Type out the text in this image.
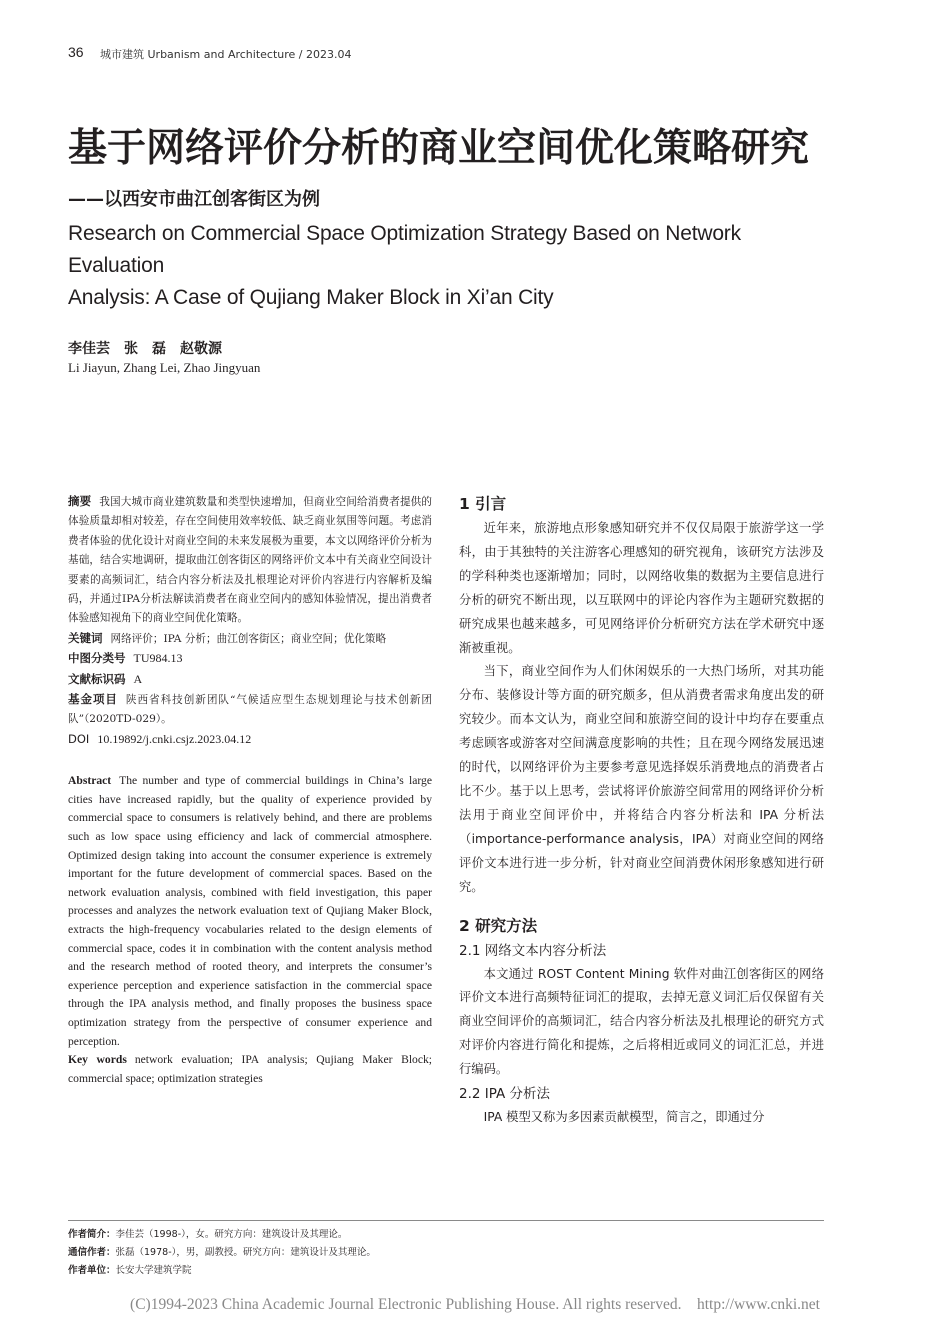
36 城市建筑 Urbanism and Architecture / 2023.04
基于网络评价分析的商业空间优化策略研究
——以西安市曲江创客街区为例
Research on Commercial Space Optimization Strategy Based on Network Evaluation
Analysis: A Case of Qujiang Maker Block in Xi’an City
李佳芸　张　磊　赵敬源
Li Jiayun, Zhang Lei, Zhao Jingyuan
摘要 我国大城市商业建筑数量和类型快速增加，但商业空间给消费者提供的体验质量却相对较差，存在空间使用效率较低、缺乏商业氛围等问题。考虑消费者体验的优化设计对商业空间的未来发展极为重要，本文以网络评价分析为基础，结合实地调研，提取曲江创客街区的网络评价文本中有关商业空间设计要素的高频词汇，结合内容分析法及扎根理论对评价内容进行内容解析及编码，并通过IPA分析法解读消费者在商业空间内的感知体验情况，提出消费者体验感知视角下的商业空间优化策略。
关键词 网络评价；IPA 分析；曲江创客街区；商业空间；优化策略
中图分类号 TU984.13
文献标识码 A
基金项目 陕西省科技创新团队“气候适应型生态规划理论与技术创新团队”（2020TD-029）。
DOI 10.19892/j.cnki.csjz.2023.04.12
Abstract The number and type of commercial buildings in China’s large cities have increased rapidly, but the quality of experience provided by commercial space to consumers is relatively behind, and there are problems such as low space using efficiency and lack of commercial atmosphere. Optimized design taking into account the consumer experience is extremely important for the future development of commercial spaces. Based on the network evaluation analysis, combined with field investigation, this paper processes and analyzes the network evaluation text of Qujiang Maker Block, extracts the high-frequency vocabularies related to the design elements of commercial space, codes it in combination with the content analysis method and the research method of rooted theory, and interprets the consumer’s experience perception and experience satisfaction in the commercial space through the IPA analysis method, and finally proposes the business space optimization strategy from the perspective of consumer experience and perception.
Key words network evaluation; IPA analysis; Qujiang Maker Block; commercial space; optimization strategies
1 引言

近年来，旅游地点形象感知研究并不仅仅局限于旅游学这一学科，由于其独特的关注游客心理感知的研究视角，该研究方法涉及的学科种类也逐渐增加；同时，以网络收集的数据为主要信息进行分析的研究不断出现，以互联网中的评论内容作为主题研究数据的研究成果也越来越多，可见网络评价分析研究方法在学术研究中逐渐被重视。

当下，商业空间作为人们休闲娱乐的一大热门场所，对其功能分布、装修设计等方面的研究颇多，但从消费者需求角度出发的研究较少。而本文认为，商业空间和旅游空间的设计中均存在要重点考虑顾客或游客对空间满意度影响的共性；且在现今网络发展迅速的时代，以网络评价为主要参考意见选择娱乐消费地点的消费者占比不少。基于以上思考，尝试将评价旅游空间常用的网络评价分析法用于商业空间评价中，并将结合内容分析法和 IPA 分析法（importance-performance analysis，IPA）对商业空间的网络评价文本进行进一步分析，针对商业空间消费休闲形象感知进行研究。

2 研究方法
2.1 网络文本内容分析法

本文通过 ROST Content Mining 软件对曲江创客街区的网络评价文本进行高频特征词汇的提取，去掉无意义词汇后仅保留有关商业空间评价的高频词汇，结合内容分析法及扎根理论的研究方式对评价内容进行简化和提炼，之后将相近或同义的词汇汇总，并进行编码。

2.2 IPA 分析法

IPA 模型又称为多因素贡献模型，简言之，即通过分

作者简介：李佳芸（1998-），女。研究方向：建筑设计及其理论。
通信作者：张磊（1978-），男，副教授。研究方向：建筑设计及其理论。
作者单位：长安大学建筑学院
(C)1994-2023 China Academic Journal Electronic Publishing House. All rights reserved.    http://www.cnki.net
